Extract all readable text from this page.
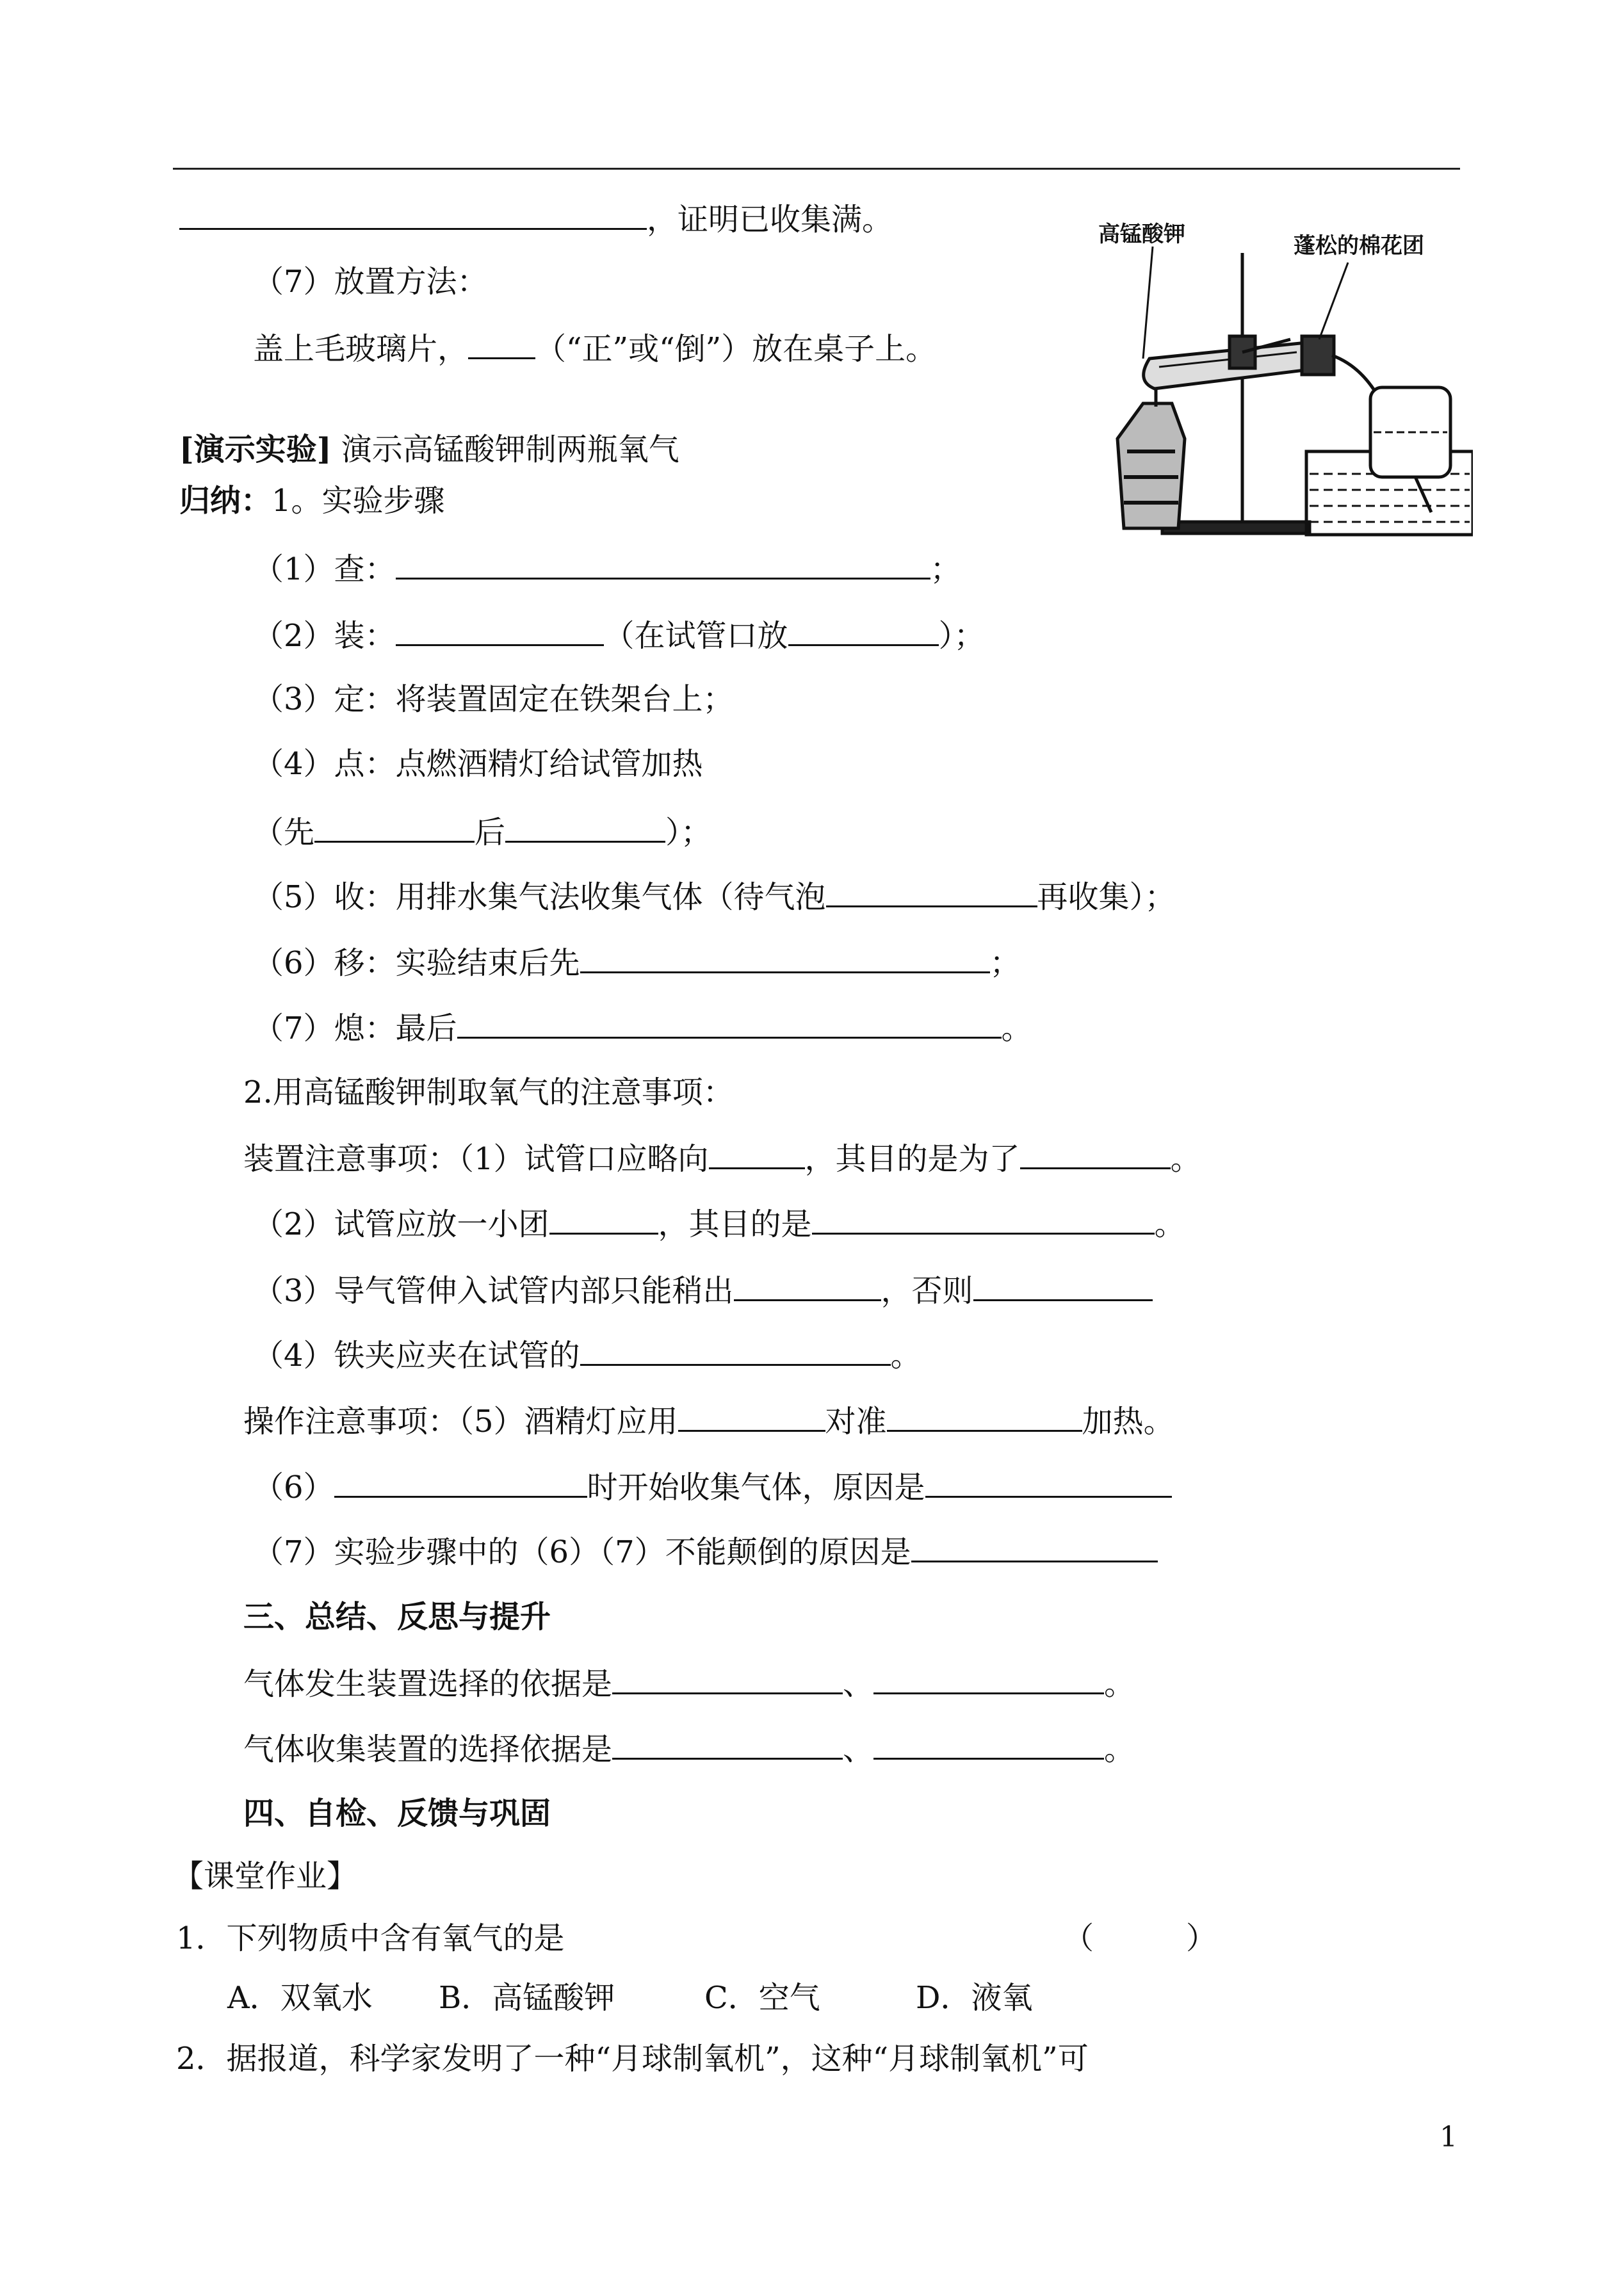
，证明已收集满。
（7）放置方法：
盖上毛玻璃片， （“正”或“倒”）放在桌子上。
高锰酸钾	蓬松的棉花团
[演示实验] 演示高锰酸钾制两瓶氧气
归纳：1。实验步骤
（1）查：	；
（2）装：	（在试管口放	）；
（3）定：将装置固定在铁架台上；
（4）点：点燃酒精灯给试管加热
（先	后	）；
（5）收：用排水集气法收集气体（待气泡	再收集）；
（6）移：实验结束后先	；
（7）熄：最后	。
2.用高锰酸钾制取氧气的注意事项：
装置注意事项：（1）试管口应略向	，其目的是为了	。
（2）试管应放一小团	，其目的是	。
（3）导气管伸入试管内部只能稍出	，否则
（4）铁夹应夹在试管的	。
操作注意事项：（5）酒精灯应用	对准	加热。
（6）	时开始收集气体，原因是
（7）实验步骤中的（6）（7）不能颠倒的原因是
三、总结、反思与提升
气体发生装置选择的依据是	、	。
气体收集装置的选择依据是	、	。
四、自检、反馈与巩固
【课堂作业】
1．下列物质中含有氧气的是	（　　　）
A．双氧水 B．高锰酸钾	C．空气	D．液氧
2．据报道，科学家发明了一种“月球制氧机”，这种“月球制氧机”可
1
